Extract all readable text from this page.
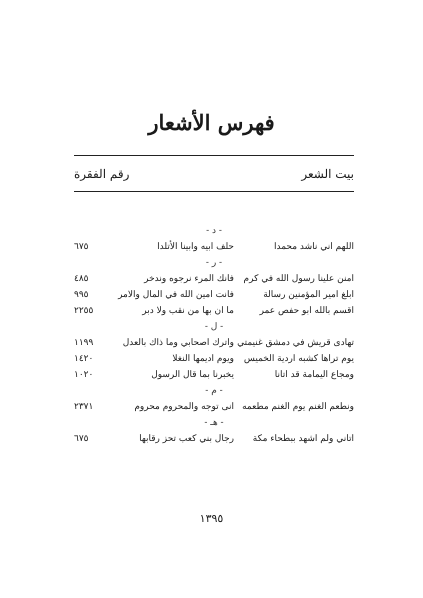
فهرس الأشعار
بيت الشعر
رقم الفقرة
- د -
اللهم اني ناشد محمدا
حلف ابيه وابينا الأتلدا
٦٧٥
- ر -
امنن علينا رسول الله في كرم
فانك المرء نرجوه وندخر
٤٨٥
ابلغ امير المؤمنين رسالة
فانت امين الله في المال والامر
٩٩٥
اقسم بالله ابو حفص عمر
ما ان بها من نقب ولا دبر
٢٢٥٥
- ل -
تهادى قريش في دمشق غنيمتي
واترك اصحابي وما ذاك بالعدل
١١٩٩
يوم تراها كشبه اردية الخميس
ويوم اديمها النغلا
١٤٢٠
ومجاع اليمامة قد اتانا
يخبرنا بما قال الرسول
١٠٢٠
- م -
ونطعم الغنم يوم الغنم مطعمه
انى توجه والمحروم محروم
٢٣٧١
- هـ -
اتاني ولم اشهد ببطحاء مكة
رجال بني كعب تحز رقابها
٦٧٥
١٣٩٥
